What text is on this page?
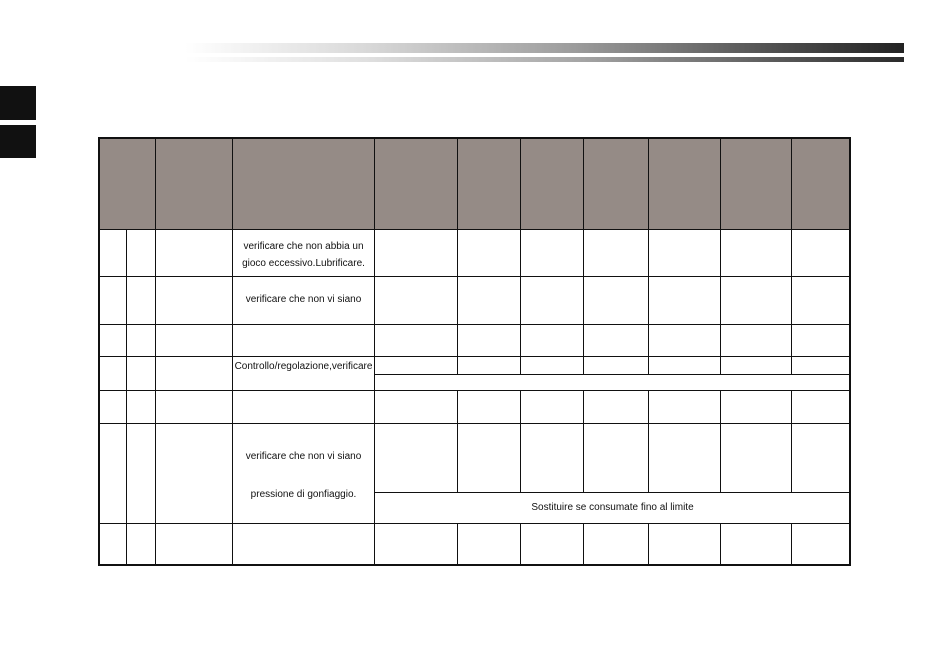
verificare che non abbia un
gioco eccessivo.Lubrificare.
verificare che non vi siano
Controllo/regolazione,verificare
verificare che non vi siano
pressione di gonfiaggio.
Sostituire se consumate fino al limite
